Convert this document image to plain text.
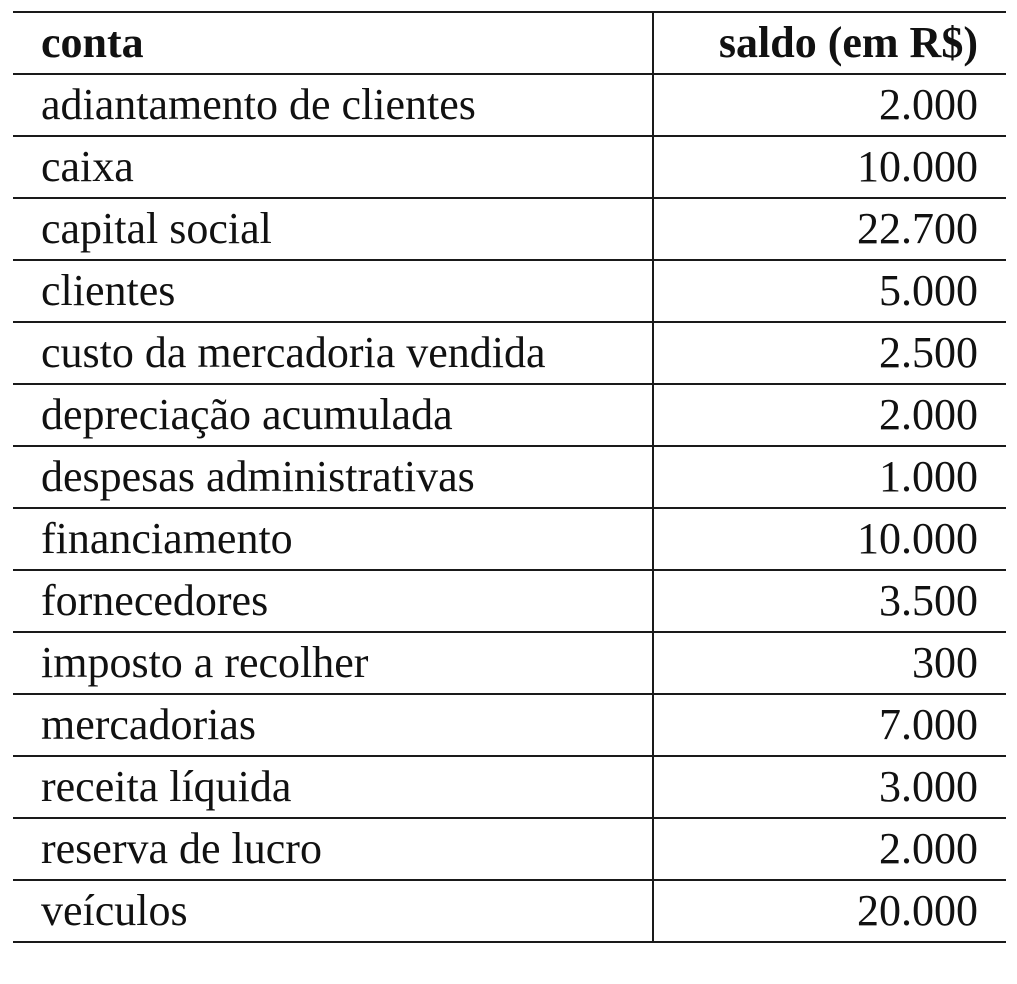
conta	saldo (em R$)
adiantamento de clientes	2.000
caixa	10.000
capital social	22.700
clientes	5.000
custo da mercadoria vendida	2.500
depreciação acumulada	2.000
despesas administrativas	1.000
financiamento	10.000
fornecedores	3.500
imposto a recolher	300
mercadorias	7.000
receita líquida	3.000
reserva de lucro	2.000
veículos	20.000
